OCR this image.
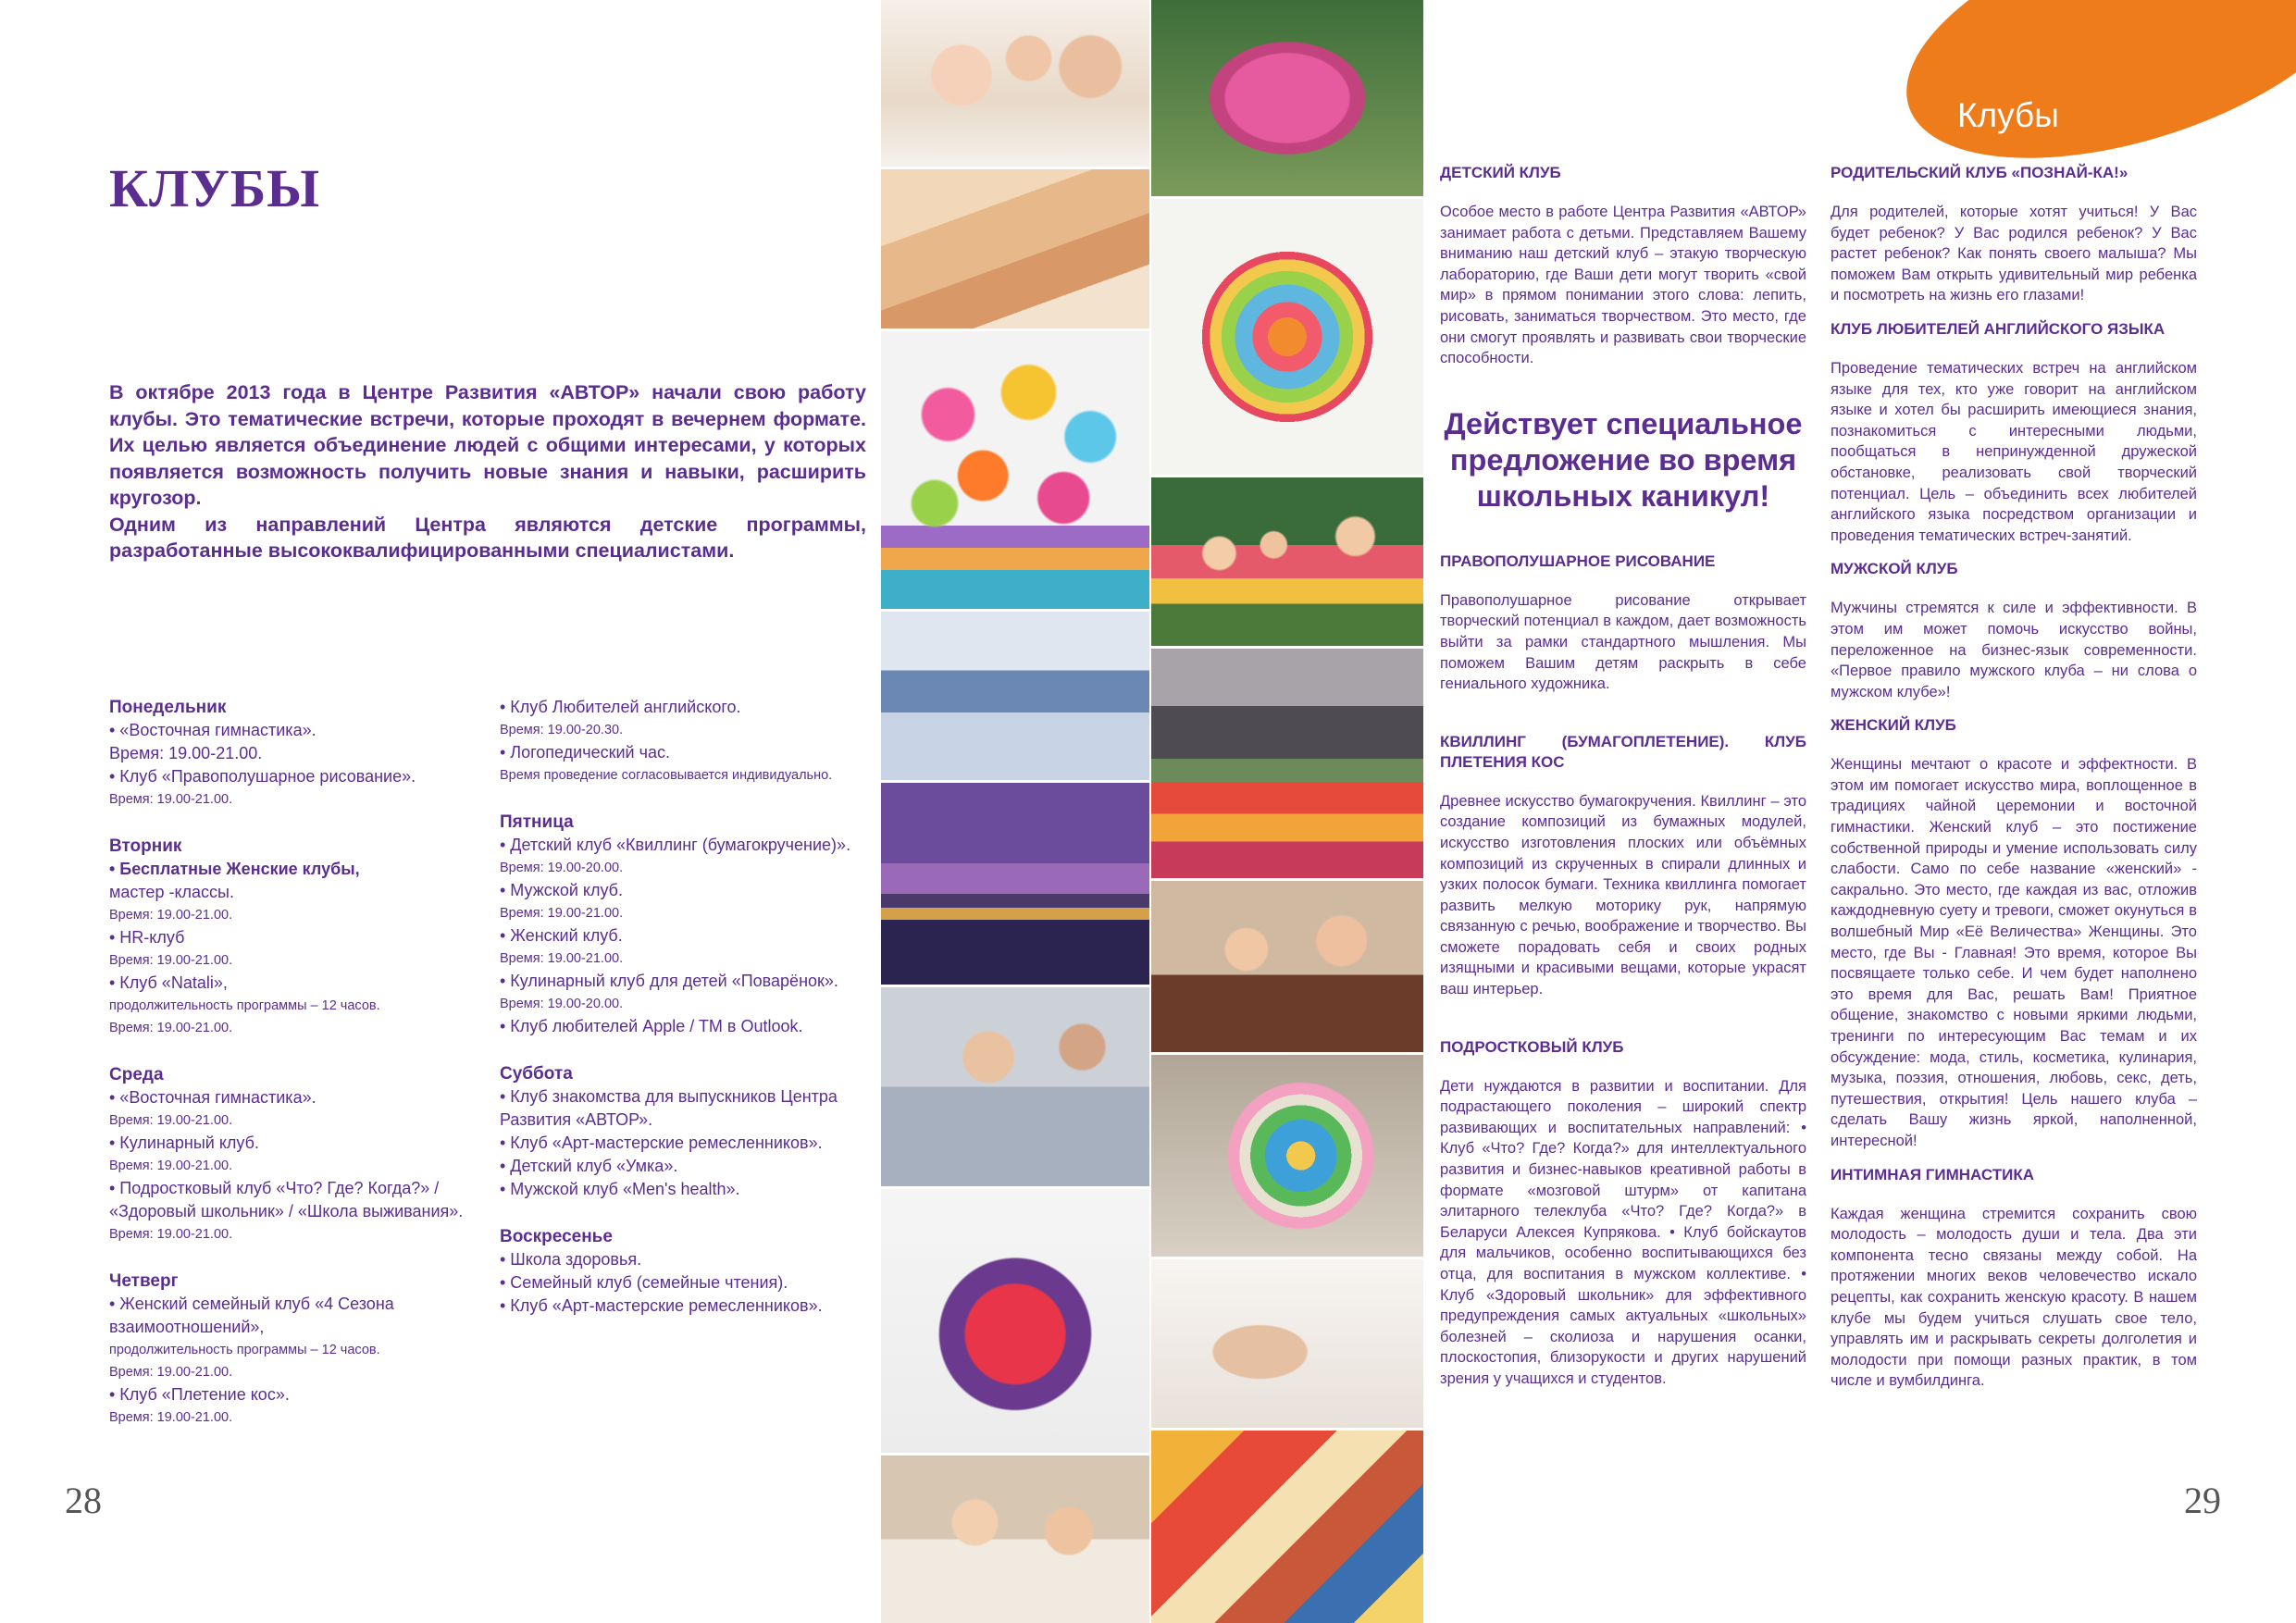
КЛУБЫ

В октябре 2013 года в Центре Развития «АВТОР» начали свою работу клубы. Это тематические встречи, которые проходят в вечернем формате. Их целью является объединение людей с общими интересами, у которых появляется возможность получить новые знания и навыки, расширить кругозор.

Одним из направлений Центра являются детские программы, разработанные высококвалифицированными специалистами.

Понедельник
• «Восточная гимнастика».
Время: 19.00-21.00.
• Клуб «Правополушарное рисование».
Время: 19.00-21.00.
Вторник
• Бесплатные Женские клубы,
мастер -классы.
Время: 19.00-21.00.
• HR-клуб
Время: 19.00-21.00.
• Клуб «Natali»,
продолжительность программы – 12 часов.
Время: 19.00-21.00.
Среда
• «Восточная гимнастика».
Время: 19.00-21.00.
• Кулинарный клуб.
Время: 19.00-21.00.
• Подростковый клуб «Что? Где? Когда?» / «Здоровый школьник» / «Школа выживания».
Время: 19.00-21.00.
Четверг
• Женский семейный клуб «4 Сезона взаимоотношений»,
продолжительность программы – 12 часов.
Время: 19.00-21.00.
• Клуб «Плетение кос».
Время: 19.00-21.00.
• Клуб Любителей английского.
Время: 19.00-20.30.
• Логопедический час.
Время проведение согласовывается индивидуально.
Пятница
• Детский клуб «Квиллинг (бумагокручение)».
Время: 19.00-20.00.
• Мужской клуб.
Время: 19.00-21.00.
• Женский клуб.
Время: 19.00-21.00.
• Кулинарный клуб для детей «Поварёнок».
Время: 19.00-20.00.
• Клуб любителей Apple / TM в Outlook.
Суббота
• Клуб знакомства для выпускников Центра Развития «АВТОР».
• Клуб «Арт-мастерские ремесленников».
• Детский клуб «Умка».
• Мужской клуб «Men's health».
Воскресенье
• Школа здоровья.
• Семейный клуб (семейные чтения).
• Клуб «Арт-мастерские ремесленников».
28
Клубы
ДЕТСКИЙ КЛУБ

Особое место в работе Центра Развития «АВТОР» занимает работа с детьми. Представляем Вашему вниманию наш детский клуб – этакую творческую лабораторию, где Ваши дети могут творить «свой мир» в прямом понимании этого слова: лепить, рисовать, заниматься творчеством. Это место, где они смогут проявлять и развивать свои творческие способности.

Действует специальное предложение во время школьных каникул!
ПРАВОПОЛУШАРНОЕ РИСОВАНИЕ

Правополушарное рисование открывает творческий потенциал в каждом, дает возможность выйти за рамки стандартного мышления. Мы поможем Вашим детям раскрыть в себе гениального художника.

КВИЛЛИНГ (БУМАГОПЛЕТЕНИЕ). КЛУБ ПЛЕТЕНИЯ КОС

Древнее искусство бумагокручения. Квиллинг – это создание композиций из бумажных модулей, искусство изготовления плоских или объёмных композиций из скрученных в спирали длинных и узких полосок бумаги. Техника квиллинга помогает развить мелкую моторику рук, напрямую связанную с речью, воображение и творчество. Вы сможете порадовать себя и своих родных изящными и красивыми вещами, которые украсят ваш интерьер.

ПОДРОСТКОВЫЙ КЛУБ

Дети нуждаются в развитии и воспитании. Для подрастающего поколения – широкий спектр развивающих и воспитательных направлений: • Клуб «Что? Где? Когда?» для интеллектуального развития и бизнес-навыков креативной работы в формате «мозговой штурм» от капитана элитарного телеклуба «Что? Где? Когда?» в Беларуси Алексея Купрякова. • Клуб бойскаутов для мальчиков, особенно воспитывающихся без отца, для воспитания в мужском коллективе. • Клуб «Здоровый школьник» для эффективного предупреждения самых актуальных «школьных» болезней – сколиоза и нарушения осанки, плоскостопия, близорукости и других нарушений зрения у учащихся и студентов.

РОДИТЕЛЬСКИЙ КЛУБ «ПОЗНАЙ-КА!»

Для родителей, которые хотят учиться! У Вас будет ребенок? У Вас родился ребенок? У Вас растет ребенок? Как понять своего малыша? Мы поможем Вам открыть удивительный мир ребенка и посмотреть на жизнь его глазами!

КЛУБ ЛЮБИТЕЛЕЙ АНГЛИЙСКОГО ЯЗЫКА

Проведение тематических встреч на английском языке для тех, кто уже говорит на английском языке и хотел бы расширить имеющиеся знания, познакомиться с интересными людьми, пообщаться в непринужденной дружеской обстановке, реализовать свой творческий потенциал. Цель – объединить всех любителей английского языка посредством организации и проведения тематических встреч-занятий.

МУЖСКОЙ КЛУБ

Мужчины стремятся к силе и эффективности. В этом им может помочь искусство войны, переложенное на бизнес-язык современности. «Первое правило мужского клуба – ни слова о мужском клубе»!

ЖЕНСКИЙ КЛУБ

Женщины мечтают о красоте и эффектности. В этом им помогает искусство мира, воплощенное в традициях чайной церемонии и восточной гимнастики. Женский клуб – это постижение собственной природы и умение использовать силу слабости. Само по себе название «женский» - сакрально. Это место, где каждая из вас, отложив каждодневную суету и тревоги, сможет окунуться в волшебный Мир «Её Величества» Женщины. Это место, где Вы - Главная! Это время, которое Вы посвящаете только себе. И чем будет наполнено это время для Вас, решать Вам! Приятное общение, знакомство с новыми яркими людьми, тренинги по интересующим Вас темам и их обсуждение: мода, стиль, косметика, кулинария, музыка, поэзия, отношения, любовь, секс, деть, путешествия, открытия! Цель нашего клуба – сделать Вашу жизнь яркой, наполненной, интересной!

ИНТИМНАЯ ГИМНАСТИКА

Каждая женщина стремится сохранить свою молодость – молодость души и тела. Два эти компонента тесно связаны между собой. На протяжении многих веков человечество искало рецепты, как сохранить женскую красоту. В нашем клубе мы будем учиться слушать свое тело, управлять им и раскрывать секреты долголетия и молодости при помощи разных практик, в том числе и вумбилдинга.

29
